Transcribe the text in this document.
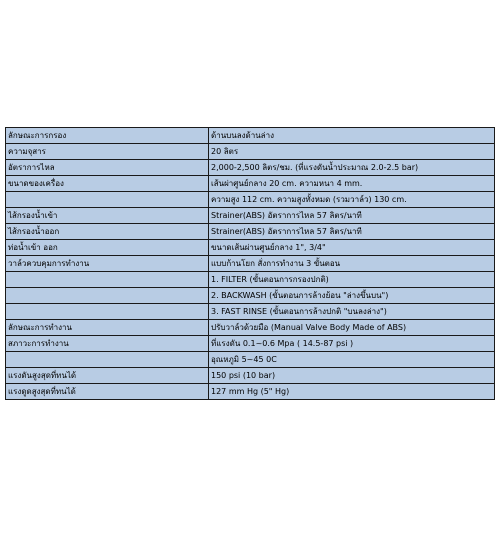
ลักษณะการกรอง	ด้านบนลงด้านล่าง
ความจุสาร	20 ลิตร
อัตราการไหล	2,000-2,500 ลิตร/ชม. (ที่แรงดันน้ำประมาณ 2.0-2.5 bar)
ขนาดของเครื่อง	เส้นผ่าศูนย์กลาง 20 cm. ความหนา 4 mm.
	ความสูง 112 cm. ความสูงทั้งหมด (รวมวาล์ว) 130 cm.
ไส้กรองน้ำเข้า	Strainer(ABS) อัตราการไหล 57 ลิตร/นาที
ไส้กรองน้ำออก	Strainer(ABS) อัตราการไหล 57 ลิตร/นาที
ท่อน้ำเข้า ออก	ขนาดเส้นผ่านศูนย์กลาง 1", 3/4"
วาล์วควบคุมการทำงาน	แบบก้านโยก สั่งการทำงาน 3 ขั้นตอน
	1. FILTER (ขั้นตอนการกรองปกติ)
	2. BACKWASH (ขั้นตอนการล้างย้อน "ล่างขึ้นบน")
	3. FAST RINSE (ขั้นตอนการล้างปกติ "บนลงล่าง")
ลักษณะการทำงาน	ปรับวาล์วด้วยมือ (Manual Valve Body Made of ABS)
สภาวะการทำงาน	ที่แรงดัน 0.1~0.6 Mpa ( 14.5-87 psi )
	อุณหภูมิ 5~45 0C
แรงดันสูงสุดที่ทนได้	150 psi (10 bar)
แรงดูดสูงสุดที่ทนได้	127 mm Hg (5" Hg)
